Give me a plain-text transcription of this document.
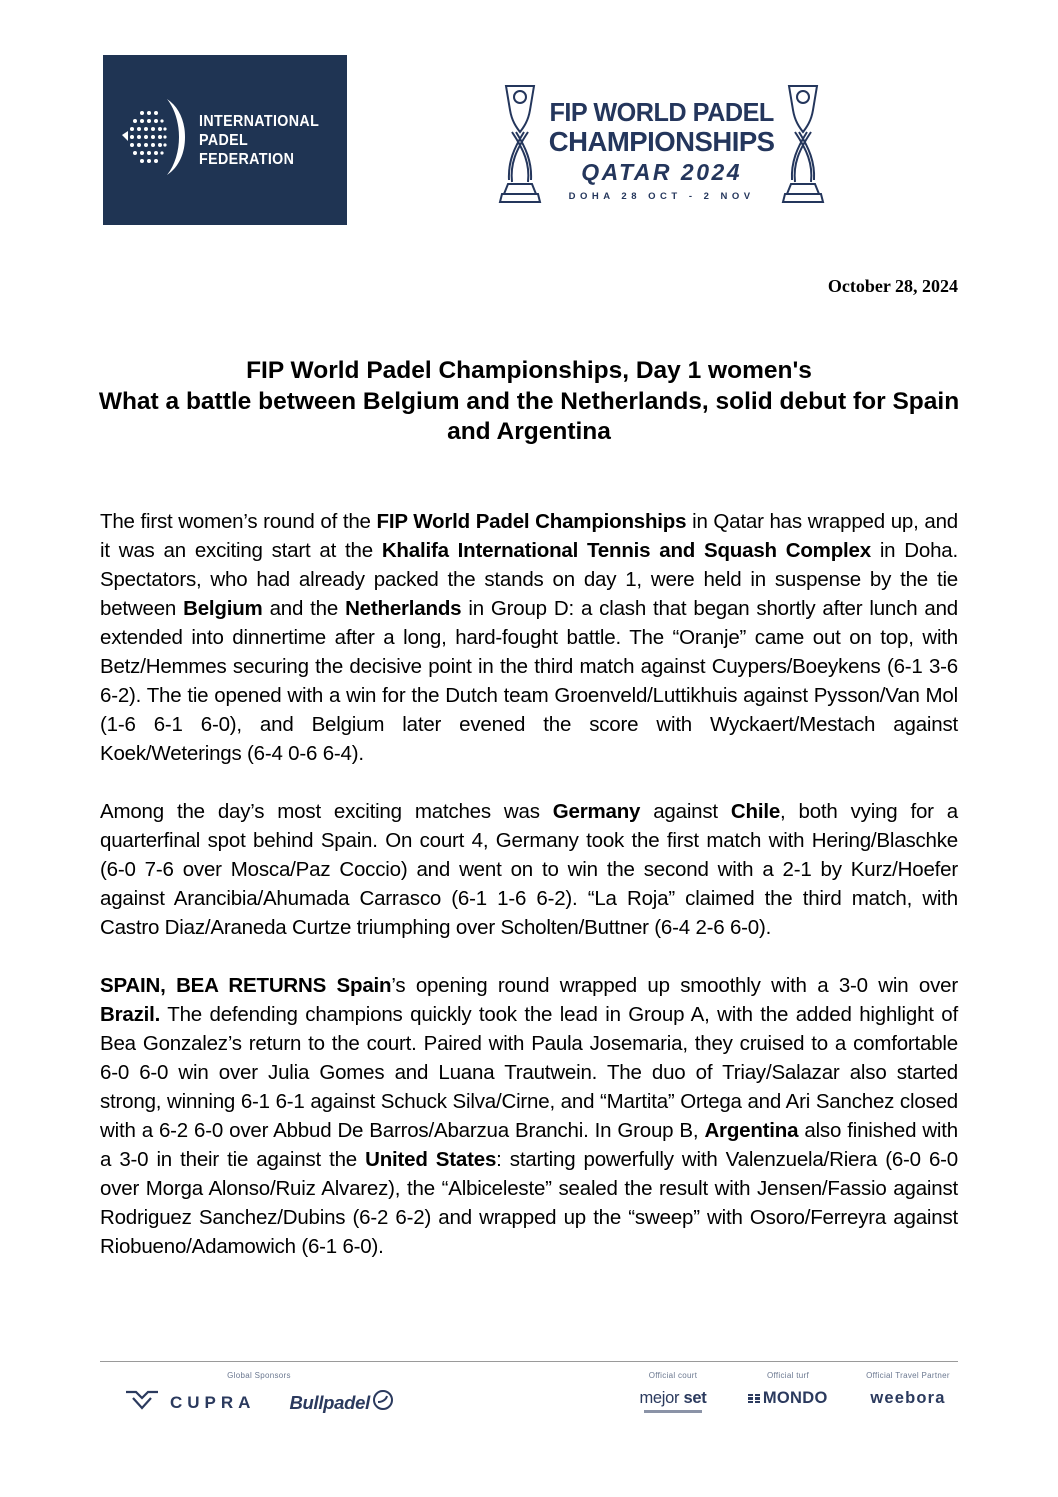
INTERNATIONAL
PADEL
FEDERATION
FIP WORLD PADEL
CHAMPIONSHIPS
QATAR 2024
DOHA 28 OCT - 2 NOV
October 28, 2024
FIP World Padel Championships, Day 1 women's
What a battle between Belgium and the Netherlands, solid debut for Spain
and Argentina

The first women’s round of the FIP World Padel Championships in Qatar has wrapped up, and it was an exciting start at the Khalifa International Tennis and Squash Complex in Doha. Spectators, who had already packed the stands on day 1, were held in suspense by the tie between Belgium and the Netherlands in Group D: a clash that began shortly after lunch and extended into dinnertime after a long, hard-fought battle. The “Oranje” came out on top, with Betz/Hemmes securing the decisive point in the third match against Cuypers/Boeykens (6-1 3-6 6-2). The tie opened with a win for the Dutch team Groenveld/Luttikhuis against Pysson/Van Mol (1-6 6-1 6-0), and Belgium later evened the score with Wyckaert/Mestach against Koek/Weterings (6-4 0-6 6-4).

Among the day’s most exciting matches was Germany against Chile, both vying for a quarterfinal spot behind Spain. On court 4, Germany took the first match with Hering/Blaschke (6-0 7-6 over Mosca/Paz Coccio) and went on to win the second with a 2-1 by Kurz/Hoefer against Arancibia/Ahumada Carrasco (6-1 1-6 6-2). “La Roja” claimed the third match, with Castro Diaz/Araneda Curtze triumphing over Scholten/Buttner (6-4 2-6 6-0).

SPAIN, BEA RETURNS Spain’s opening round wrapped up smoothly with a 3-0 win over Brazil. The defending champions quickly took the lead in Group A, with the added highlight of Bea Gonzalez’s return to the court. Paired with Paula Josemaria, they cruised to a comfortable 6-0 6-0 win over Julia Gomes and Luana Trautwein. The duo of Triay/Salazar also started strong, winning 6-1 6-1 against Schuck Silva/Cirne, and “Martita” Ortega and Ari Sanchez closed with a 6-2 6-0 over Abbud De Barros/Abarzua Branchi. In Group B, Argentina also finished with a 3-0 in their tie against the United States: starting powerfully with Valenzuela/Riera (6-0 6-0 over Morga Alonso/Ruiz Alvarez), the “Albiceleste” sealed the result with Jensen/Fassio against Rodriguez Sanchez/Dubins (6-2 6-2) and wrapped up the “sweep” with Osoro/Ferreyra against Riobueno/Adamowich (6-1 6-0).

Global Sponsors
CUPRA Bullpadel
Official court
mejor set
Official turf
MONDO
Official Travel Partner
weebora
